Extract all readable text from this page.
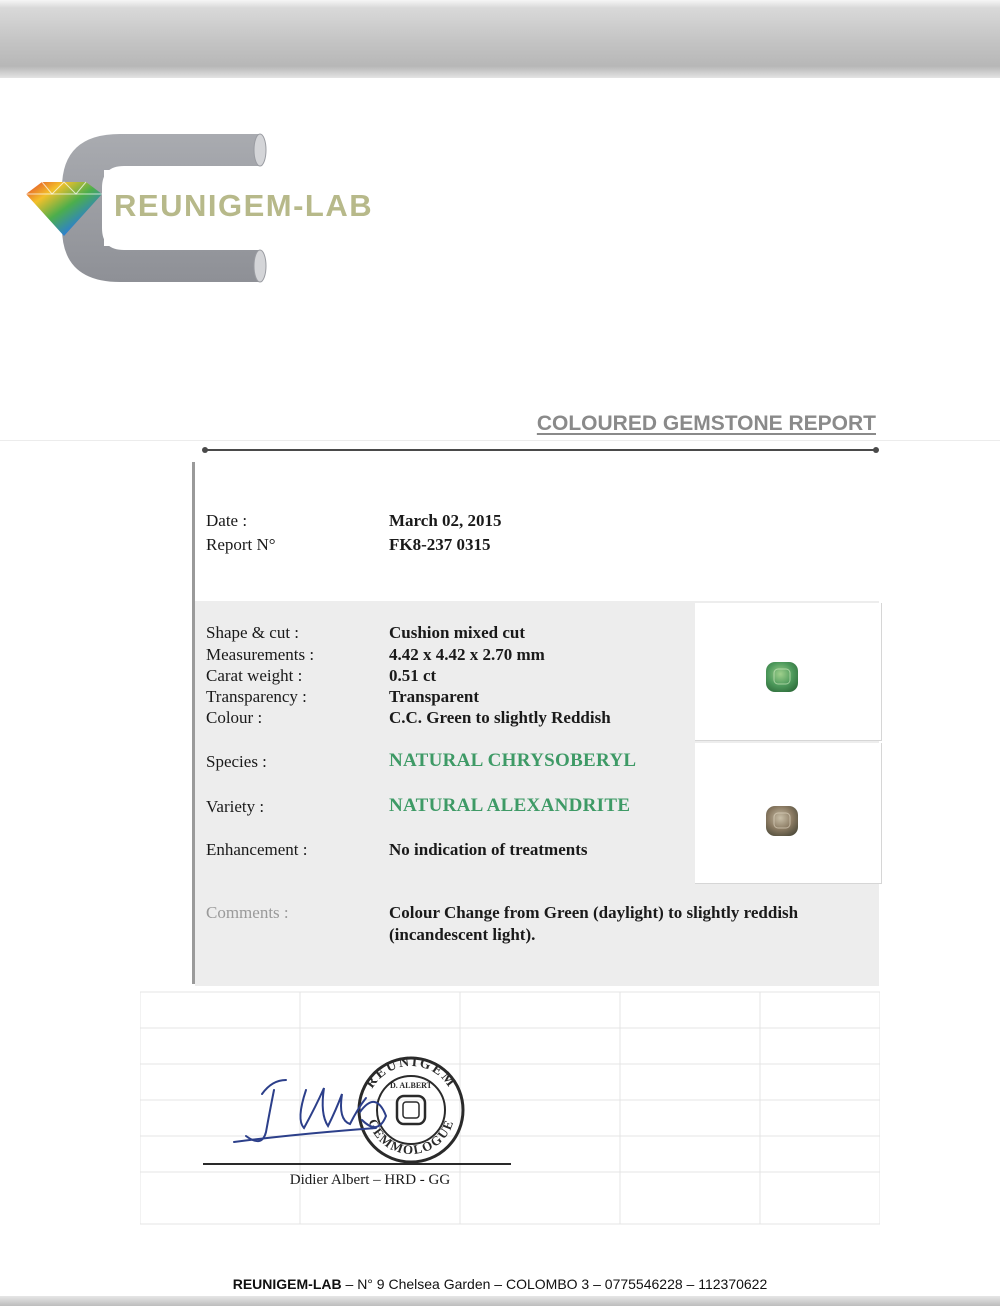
REUNIGEM-LAB
COLOURED GEMSTONE REPORT
Date :	March 02, 2015
Report N°	FK8-237 0315
Shape & cut :	Cushion mixed cut
Measurements :	4.42 x 4.42 x 2.70 mm
Carat weight :	0.51 ct
Transparency :	Transparent
Colour :	C.C. Green to slightly Reddish
Species :	NATURAL CHRYSOBERYL
Variety :	NATURAL ALEXANDRITE
Enhancement :	No indication of treatments
Comments :	Colour Change from Green (daylight) to slightly reddish
(incandescent light).
REUNIGEM
GEMMOLOGUE
D. ALBERT
Didier Albert – HRD - GG
REUNIGEM-LAB – N° 9 Chelsea Garden – COLOMBO 3 – 0775546228 – 112370622
